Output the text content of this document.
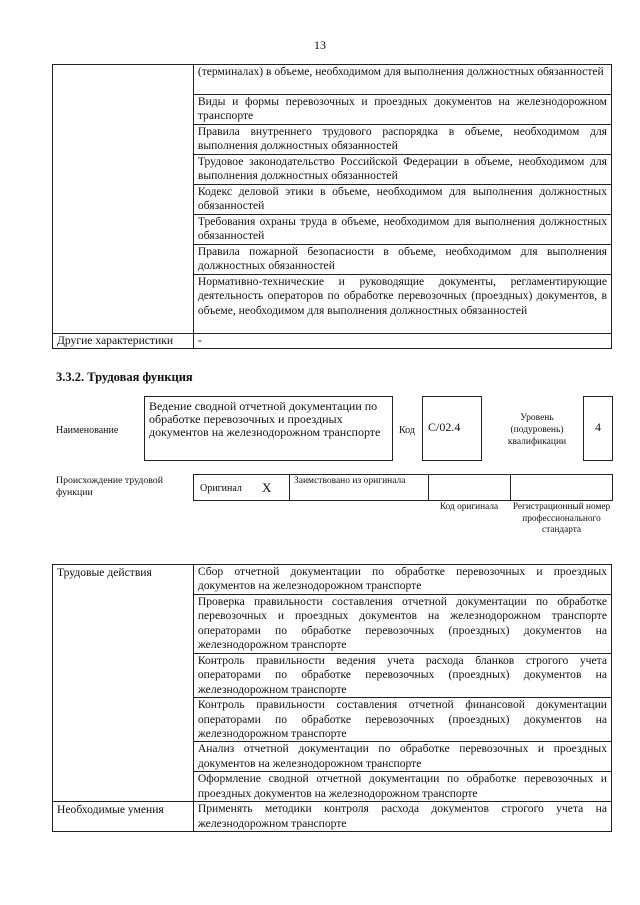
13
	(терминалах) в объеме, необходимом для выполнения должностных обязанностей
	Виды и формы перевозочных и проездных документов на железнодорожном транспорте
	Правила внутреннего трудового распорядка в объеме, необходимом для выполнения должностных обязанностей
	Трудовое законодательство Российской Федерации в объеме, необходимом для выполнения должностных обязанностей
	Кодекс деловой этики в объеме, необходимом для выполнения должностных обязанностей
	Требования охраны труда в объеме, необходимом для выполнения должностных обязанностей
	Правила пожарной безопасности в объеме, необходимом для выполнения должностных обязанностей
	Нормативно-технические и руководящие документы, регламентирующие деятельность операторов по обработке перевозочных (проездных) документов, в объеме, необходимом для выполнения должностных обязанностей
Другие характеристики	-
3.3.2. Трудовая функция
Наименование
Ведение сводной отчетной документации по обработке перевозочных и проездных документов на железнодорожном транспорте	Код	C/02.4
Уровень (подуровень) квалификации
4
Происхождение трудовой функции	Оригинал X Заимствовано из оригинала
Код оригинала	Регистрационный номер профессионального стандарта
Трудовые действия	Сбор отчетной документации по обработке перевозочных и проездных документов на железнодорожном транспорте
	Проверка правильности составления отчетной документации по обработке перевозочных и проездных документов на железнодорожном транспорте операторами по обработке перевозочных (проездных) документов на железнодорожном транспорте
	Контроль правильности ведения учета расхода бланков строгого учета операторами по обработке перевозочных (проездных) документов на железнодорожном транспорте
	Контроль правильности составления отчетной финансовой документации операторами по обработке перевозочных (проездных) документов на железнодорожном транспорте
	Анализ отчетной документации по обработке перевозочных и проездных документов на железнодорожном транспорте
	Оформление сводной отчетной документации по обработке перевозочных и проездных документов на железнодорожном транспорте
Необходимые умения	Применять методики контроля расхода документов строгого учета на железнодорожном транспорте
